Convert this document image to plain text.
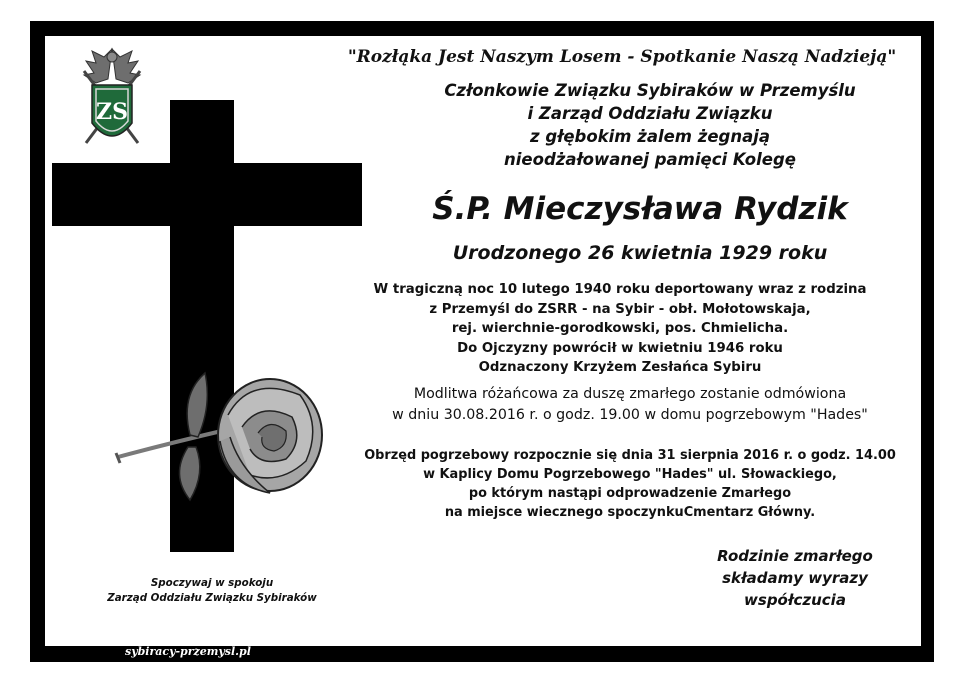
ZS
"Rozłąka Jest Naszym Losem - Spotkanie Naszą Nadzieją"
Członkowie Związku Sybiraków w Przemyślu
i Zarząd Oddziału Związku
z głębokim żalem żegnają
nieodżałowanej pamięci Kolegę
Ś.P. Mieczysława Rydzik
Urodzonego 26 kwietnia 1929 roku
W tragiczną noc 10 lutego 1940 roku deportowany wraz z rodzina
z Przemyśl do ZSRR - na Sybir - obł. Mołotowskaja,
rej. wierchnie-gorodkowski, pos. Chmielicha.
Do Ojczyzny powrócił w kwietniu 1946 roku
Odznaczony Krzyżem Zesłańca Sybiru
Modlitwa różańcowa za duszę zmarłego zostanie odmówiona
w dniu 30.08.2016 r. o godz. 19.00 w domu pogrzebowym "Hades"
Obrzęd pogrzebowy rozpocznie się dnia 31 sierpnia 2016 r. o godz. 14.00
w Kaplicy Domu Pogrzebowego "Hades" ul. Słowackiego,
po którym nastąpi odprowadzenie Zmarłego
na miejsce wiecznego spoczynkuCmentarz Główny.
Rodzinie zmarłego
składamy wyrazy
współczucia
Spoczywaj w spokoju
Zarząd Oddziału Związku Sybiraków
sybiracy-przemysl.pl
